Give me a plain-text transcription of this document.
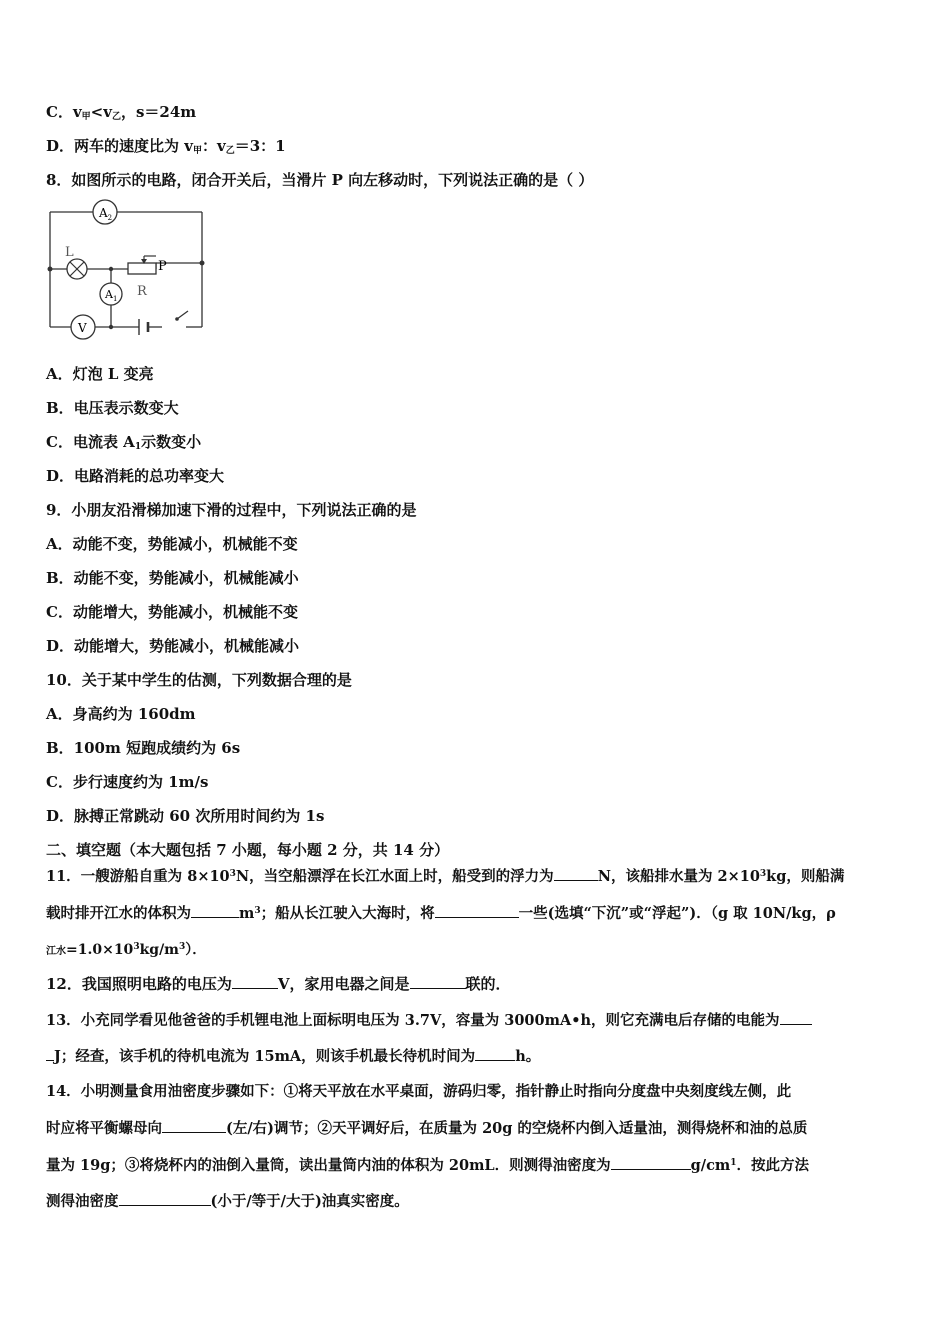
C．$v_甲<v_乙$，s＝24m
D．两车的速度比为 $v_甲$：$v_乙=3$：1
8．如图所示的电路，闭合开关后，当滑片 P 向左移动时，下列说法正确的是（ ）
$A_2$
L
P
R
$A_1$
V
A．灯泡 L 变亮
B．电压表示数变大
C．电流表 $A_1$示数变小
D．电路消耗的总功率变大
9．小朋友沿滑梯加速下滑的过程中，下列说法正确的是
A．动能不变，势能减小，机械能不变
B．动能不变，势能减小，机械能减小
C．动能增大，势能减小，机械能不变
D．动能增大，势能减小，机械能减小
10．关于某中学生的估测，下列数据合理的是
A．身高约为 160dm
B．100m 短跑成绩约为 6s
C．步行速度约为 1m/s
D．脉搏正常跳动 60 次所用时间约为 1s
二、填空题（本大题包括 7 小题，每小题 2 分，共 14 分）
11．一艘游船自重为 $8\times 10^3N$，当空船漂浮在长江水面上时，船受到的浮力为	N，该船排水量为 $2\times 10^3kg$，则船满
载时排开江水的体积为	$m^3$；船从长江驶入大海时，将	一些(选填“下沉”或“浮起”)．（g 取 10N/kg，ρ
江水$=1.0\times 10^3kg/m^3$）．
12．我国照明电路的电压为	V，家用电器之间是	联的．
13．小充同学看见他爸爸的手机锂电池上面标明电压为 3.7V，容量为 3000mA•h，则它充满电后存储的电能为
J；经查，该手机的待机电流为 15mA，则该手机最长待机时间为	h。
14．小明测量食用油密度步骤如下：①将天平放在水平桌面，游码归零，指针静止时指向分度盘中央刻度线左侧，此
时应将平衡螺母向	(左/右)调节；②天平调好后，在质量为 20g 的空烧杯内倒入适量油，测得烧杯和油的总质
量为 19g；③将烧杯内的油倒入量筒，读出量筒内油的体积为 20mL．则测得油密度为	$g/cm^1$．按此方法
测得油密度	(小于/等于/大于)油真实密度。
